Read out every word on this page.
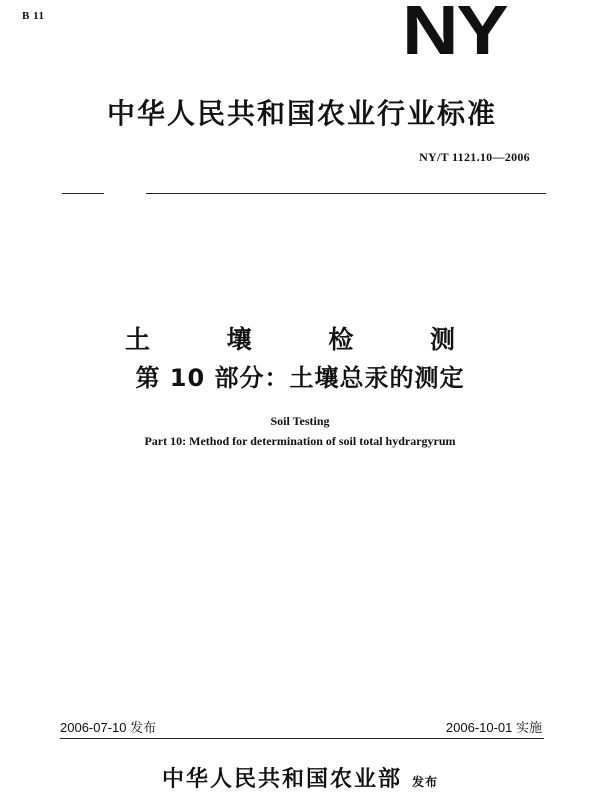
B 11	NY
中华人民共和国农业行业标准
NY/T 1121.10—2006
土 壤 检 测
第 10 部分：土壤总汞的测定
Soil Testing
Part 10: Method for determination of soil total hydrargyrum
2006-07-10 发布	2006-10-01 实施
中华人民共和国农业部 发布
